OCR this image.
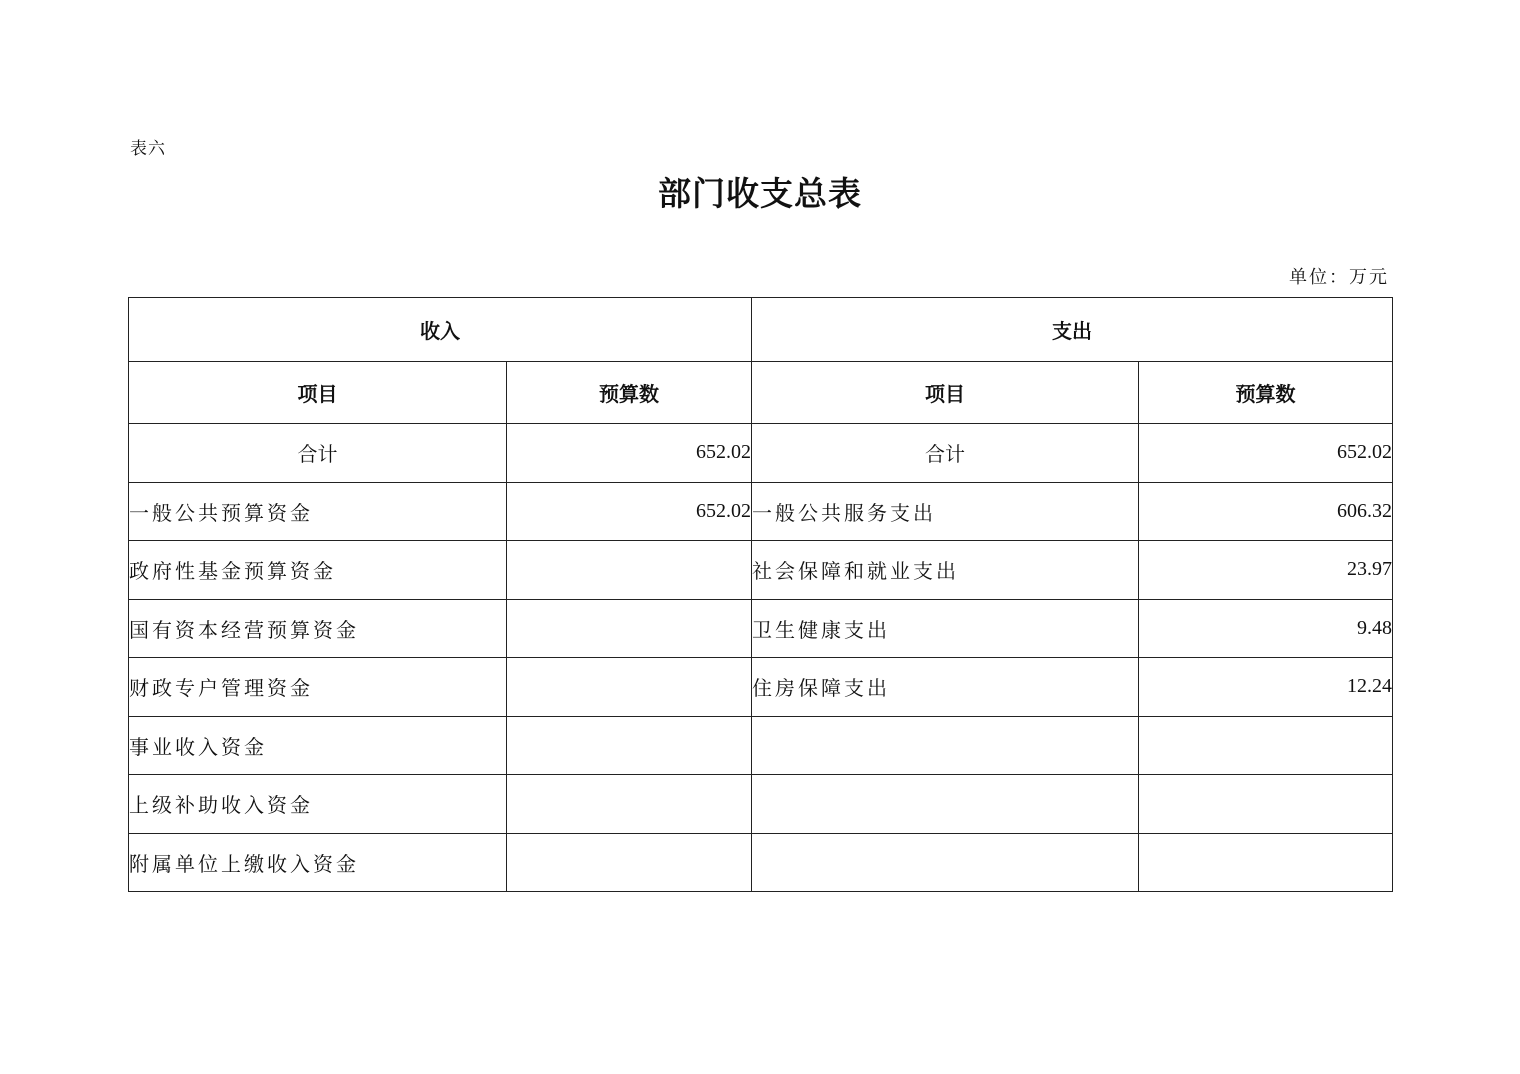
表六
部门收支总表
单位：万元
收入		支出	
项目	预算数	项目	预算数
合计	652.02	合计	652.02
一般公共预算资金	652.02	一般公共服务支出	606.32
政府性基金预算资金		社会保障和就业支出	23.97
国有资本经营预算资金		卫生健康支出	9.48
财政专户管理资金		住房保障支出	12.24
事业收入资金			
上级补助收入资金			
附属单位上缴收入资金			
